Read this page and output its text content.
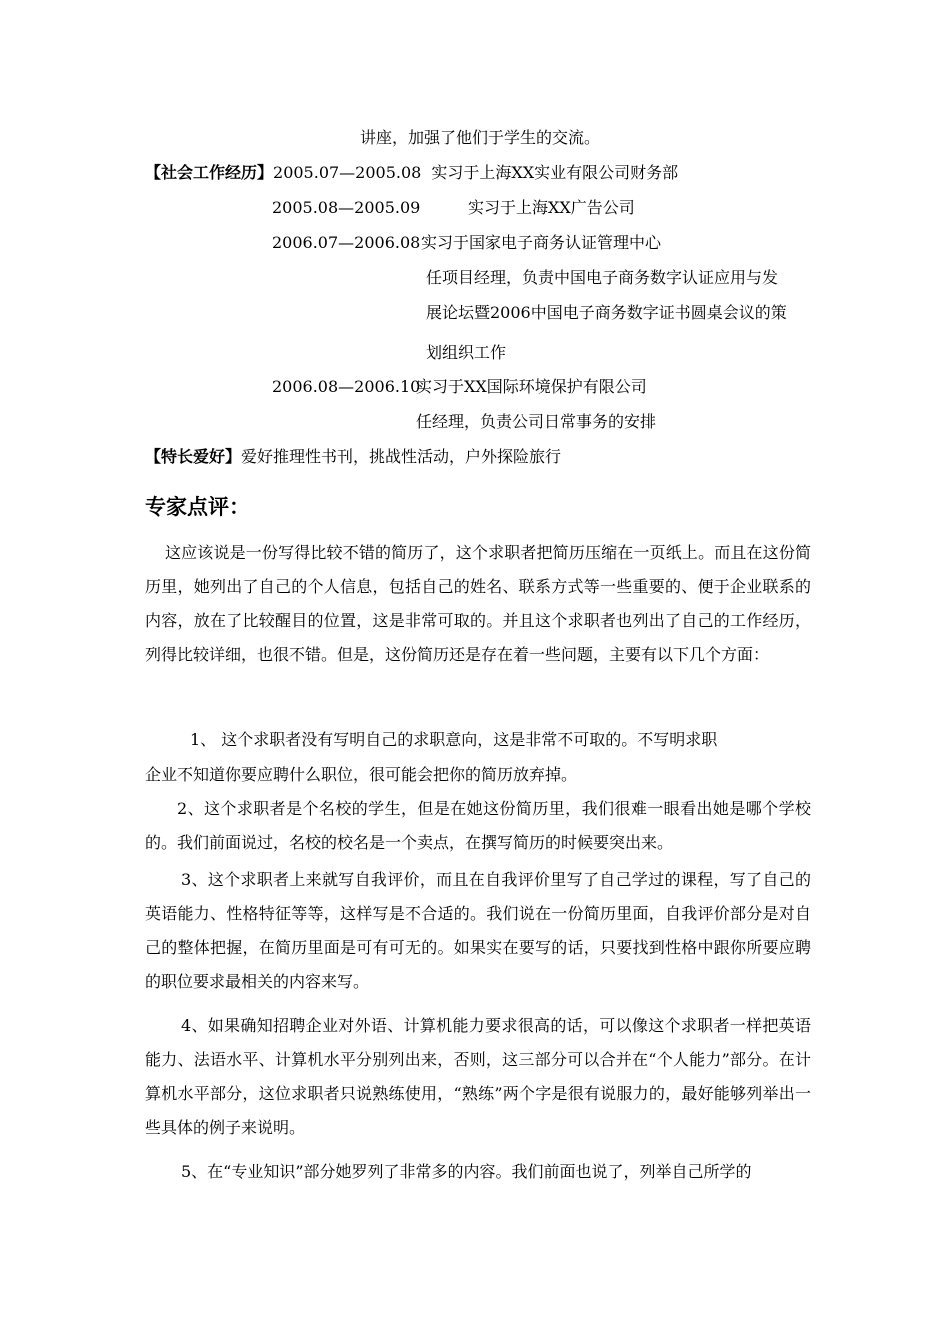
讲座，加强了他们于学生的交流。
【社会工作经历】2005.07—2005.08 实习于上海XX实业有限公司财务部
2005.08—2005.09	实习于上海XX广告公司
2006.07—2006.08 实习于国家电子商务认证管理中心
任项目经理，负责中国电子商务数字认证应用与发
展论坛暨2006中国电子商务数字证书圆桌会议的策
划组织工作
2006.08—2006.10
实习于XX国际环境保护有限公司
任经理，负责公司日常事务的安排
【特长爱好】爱好推理性书刊，挑战性活动，户外探险旅行
专家点评：
这应该说是一份写得比较不错的简历了，这个求职者把简历压缩在一页纸上。而且在这份简历里，她列出了自己的个人信息，包括自己的姓名、联系方式等一些重要的、便于企业联系的内容，放在了比较醒目的位置，这是非常可取的。并且这个求职者也列出了自己的工作经历，列得比较详细，也很不错。但是，这份简历还是存在着一些问题，主要有以下几个方面：
1、 这个求职者没有写明自己的求职意向，这是非常不可取的。不写明求职
企业不知道你要应聘什么职位，很可能会把你的简历放弃掉。
2、这个求职者是个名校的学生，但是在她这份简历里，我们很难一眼看出她是哪个学校的。我们前面说过，名校的校名是一个卖点，在撰写简历的时候要突出来。
3、这个求职者上来就写自我评价，而且在自我评价里写了自己学过的课程，写了自己的英语能力、性格特征等等，这样写是不合适的。我们说在一份简历里面，自我评价部分是对自己的整体把握，在简历里面是可有可无的。如果实在要写的话，只要找到性格中跟你所要应聘的职位要求最相关的内容来写。
4、如果确知招聘企业对外语、计算机能力要求很高的话，可以像这个求职者一样把英语能力、法语水平、计算机水平分别列出来，否则，这三部分可以合并在“个人能力”部分。在计算机水平部分，这位求职者只说熟练使用，“熟练”两个字是很有说服力的，最好能够列举出一些具体的例子来说明。
5、在“专业知识”部分她罗列了非常多的内容。我们前面也说了，列举自己所学的
